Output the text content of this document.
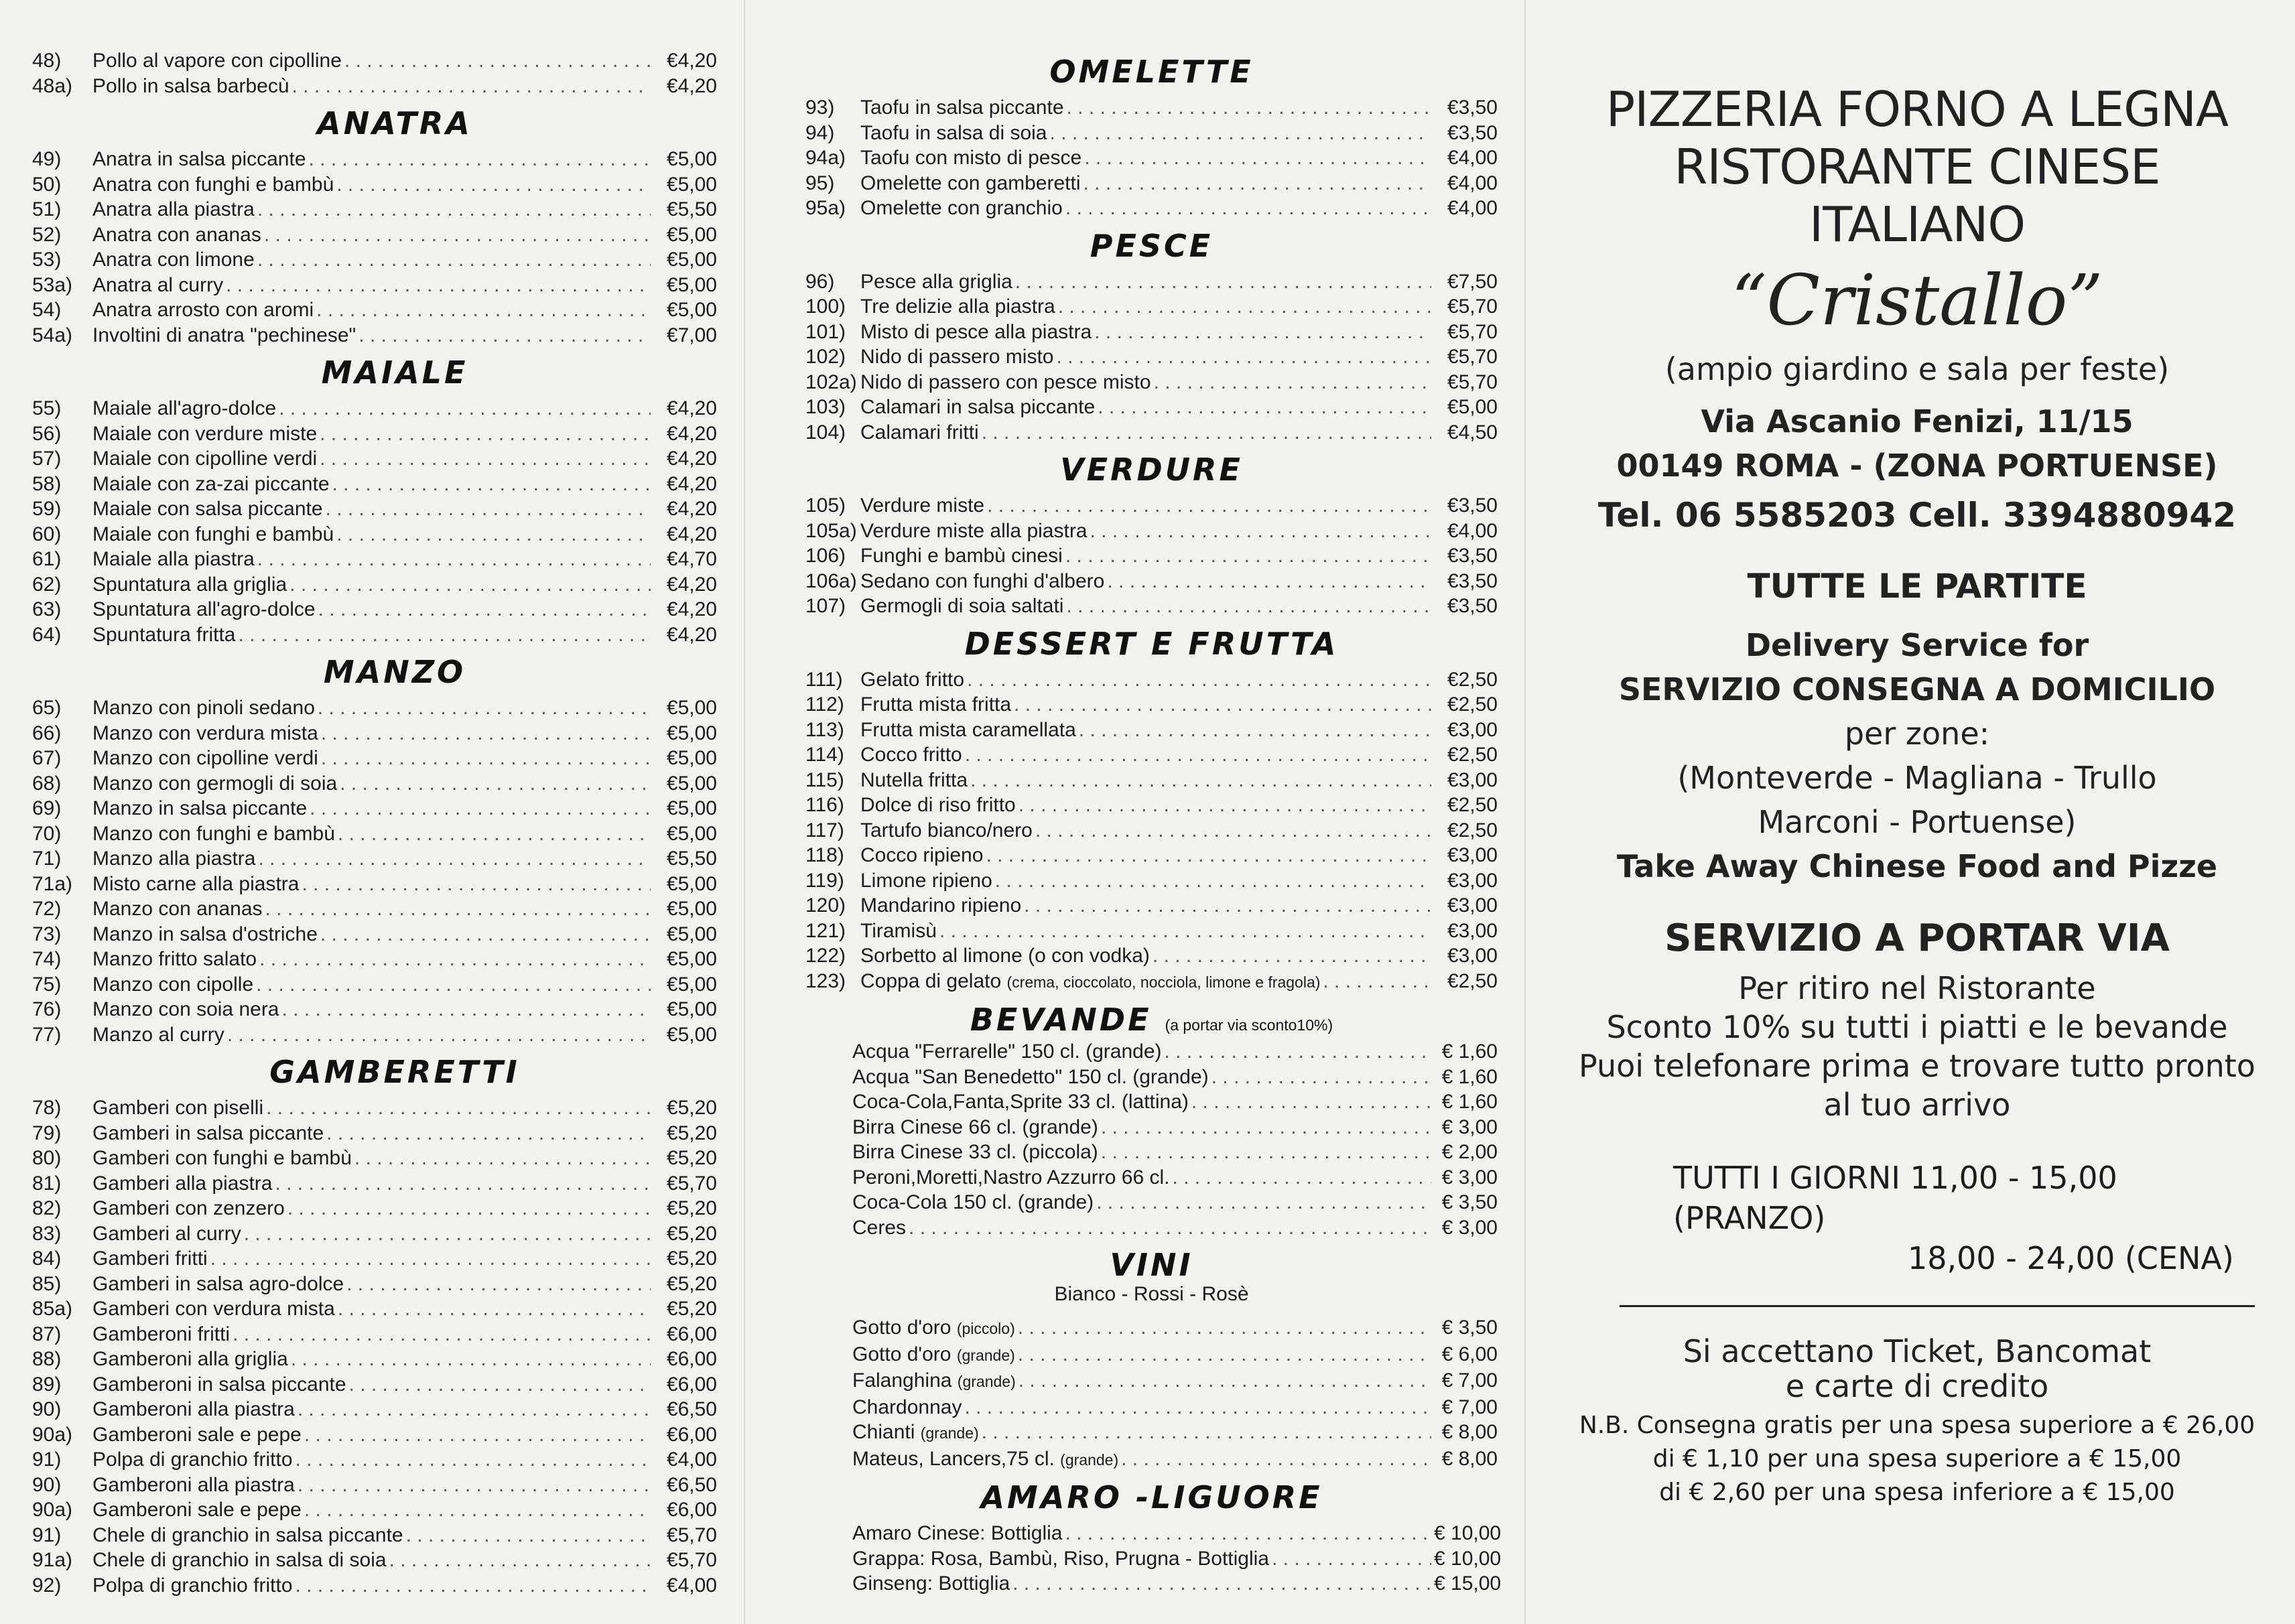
48)	Pollo al vapore con cipolline . . .	€4,20
48a) Pollo in salsa barbecù . . .	€4,20
ANATRA
49)	Anatra in salsa piccante . . .	€5,00
50)	Anatra con funghi e bambù . . .	€5,00
51)	Anatra alla piastra . . .	€5,50
52)	Anatra con ananas . . .	€5,00
53)	Anatra con limone . . .	€5,00
53a) Anatra al curry . . .	€5,00
54)	Anatra arrosto con aromi . . .	€5,00
54a) Involtini di anatra "pechinese" . . .	€7,00
MAIALE
55)	Maiale all'agro-dolce . . .	€4,20
56)	Maiale con verdure miste . . .	€4,20
57)	Maiale con cipolline verdi . . .	€4,20
58)	Maiale con za-zai piccante . . .	€4,20
59)	Maiale con salsa piccante . . .	€4,20
60)	Maiale con funghi e bambù . . .	€4,20
61)	Maiale alla piastra . . .	€4,70
62)	Spuntatura alla griglia . . .	€4,20
63)	Spuntatura all'agro-dolce . . .	€4,20
64)	Spuntatura fritta . . .	€4,20
MANZO
65)	Manzo con pinoli sedano . . .	€5,00
66)	Manzo con verdura mista . . .	€5,00
67)	Manzo con cipolline verdi . . .	€5,00
68)	Manzo con germogli di soia . . .	€5,00
69)	Manzo in salsa piccante . . .	€5,00
70)	Manzo con funghi e bambù . . .	€5,00
71)	Manzo alla piastra . . .	€5,50
71a) Misto carne alla piastra . . .	€5,00
72)	Manzo con ananas . . .	€5,00
73)	Manzo in salsa d'ostriche . . .	€5,00
74)	Manzo fritto salato . . .	€5,00
75)	Manzo con cipolle . . .	€5,00
76)	Manzo con soia nera . . .	€5,00
77)	Manzo al curry . . .	€5,00
GAMBERETTI
78)	Gamberi con piselli . . .	€5,20
79)	Gamberi in salsa piccante . . .	€5,20
80)	Gamberi con funghi e bambù . . .	€5,20
81)	Gamberi alla piastra . . .	€5,70
82)	Gamberi con zenzero . . .	€5,20
83)	Gamberi al curry . . .	€5,20
84)	Gamberi fritti . . .	€5,20
85)	Gamberi in salsa agro-dolce . . .	€5,20
85a) Gamberi con verdura mista . . .	€5,20
87)	Gamberoni fritti . . .	€6,00
88)	Gamberoni alla griglia . . .	€6,00
89)	Gamberoni in salsa piccante . . .	€6,00
90)	Gamberoni alla piastra . . .	€6,50
90a) Gamberoni sale e pepe . . .	€6,00
91)	Polpa di granchio fritto . . .	€4,00
90)	Gamberoni alla piastra . . .	€6,50
90a) Gamberoni sale e pepe . . .	€6,00
91)	Chele di granchio in salsa piccante . . .	€5,70
91a) Chele di granchio in salsa di soia . . .	€5,70
92)	Polpa di granchio fritto . . .	€4,00
OMELETTE
93)	Taofu in salsa piccante . . .	€3,50
94)	Taofu in salsa di soia . . .	€3,50
94a) Taofu con misto di pesce . . .	€4,00
95)	Omelette con gamberetti . . .	€4,00
95a) Omelette con granchio . . .	€4,00
PESCE
96)	Pesce alla griglia . . .	€7,50
100) Tre delizie alla piastra . . .	€5,70
101) Misto di pesce alla piastra . . .	€5,70
102) Nido di passero misto . . .	€5,70
102a) Nido di passero con pesce misto . . .	€5,70
103) Calamari in salsa piccante . . .	€5,00
104) Calamari fritti . . .	€4,50
VERDURE
105) Verdure miste . . .	€3,50
105a) Verdure miste alla piastra . . .	€4,00
106) Funghi e bambù cinesi . . .	€3,50
106a) Sedano con funghi d'albero . . .	€3,50
107) Germogli di soia saltati . . .	€3,50
DESSERT E FRUTTA
111) Gelato fritto . . .	€2,50
112) Frutta mista fritta . . .	€2,50
113) Frutta mista caramellata . . .	€3,00
114) Cocco fritto . . .	€2,50
115) Nutella fritta . . .	€3,00
116) Dolce di riso fritto . . .	€2,50
117) Tartufo bianco/nero . . .	€2,50
118) Cocco ripieno . . .	€3,00
119) Limone ripieno . . .	€3,00
120) Mandarino ripieno . . .	€3,00
121) Tiramisù . . .	€3,00
122) Sorbetto al limone (o con vodka) . . .	€3,00
123) Coppa di gelato (crema, cioccolato, nocciola, limone e fragola) . . .	€2,50
BEVANDE (a portar via sconto10%)
Acqua "Ferrarelle" 150 cl. (grande) . . .	€ 1,60
Acqua "San Benedetto" 150 cl. (grande) . . .	€ 1,60
Coca-Cola,Fanta,Sprite 33 cl. (lattina) . . .	€ 1,60
Birra Cinese 66 cl. (grande) . . .	€ 3,00
Birra Cinese 33 cl. (piccola) . . .	€ 2,00
Peroni,Moretti,Nastro Azzurro 66 cl. . . .	€ 3,00
Coca-Cola 150 cl. (grande) . . .	€ 3,50
Ceres . . .	€ 3,00
VINI
Bianco - Rossi - Rosè
Gotto d'oro (piccolo) . . .	€ 3,50
Gotto d'oro (grande) . . .	€ 6,00
Falanghina (grande) . . .	€ 7,00
Chardonnay . . .	€ 7,00
Chianti (grande) . . .	€ 8,00
Mateus, Lancers,75 cl. (grande) . . .	€ 8,00
AMARO -LIGUORE
Amaro Cinese: Bottiglia . . .	€ 10,00
Grappa: Rosa, Bambù, Riso, Prugna - Bottiglia . . .	€ 10,00
Ginseng: Bottiglia . . .	€ 15,00
PIZZERIA FORNO A LEGNA
RISTORANTE CINESE ITALIANO
“Cristallo”
(ampio giardino e sala per feste)
Via Ascanio Fenizi, 11/15
00149 ROMA - (ZONA PORTUENSE)
Tel. 06 5585203 Cell. 3394880942
TUTTE LE PARTITE
Delivery Service for
SERVIZIO CONSEGNA A DOMICILIO
per zone:
(Monteverde - Magliana - Trullo
Marconi - Portuense)
Take Away Chinese Food and Pizze
SERVIZIO A PORTAR VIA
Per ritiro nel Ristorante
Sconto 10% su tutti i piatti e le bevande
Puoi telefonare prima e trovare tutto pronto
al tuo arrivo
TUTTI I GIORNI 11,00 - 15,00 (PRANZO)
18,00 - 24,00 (CENA)
Si accettano Ticket, Bancomat
e carte di credito
N.B. Consegna gratis per una spesa superiore a € 26,00
di € 1,10 per una spesa superiore a € 15,00
di € 2,60 per una spesa inferiore a € 15,00
